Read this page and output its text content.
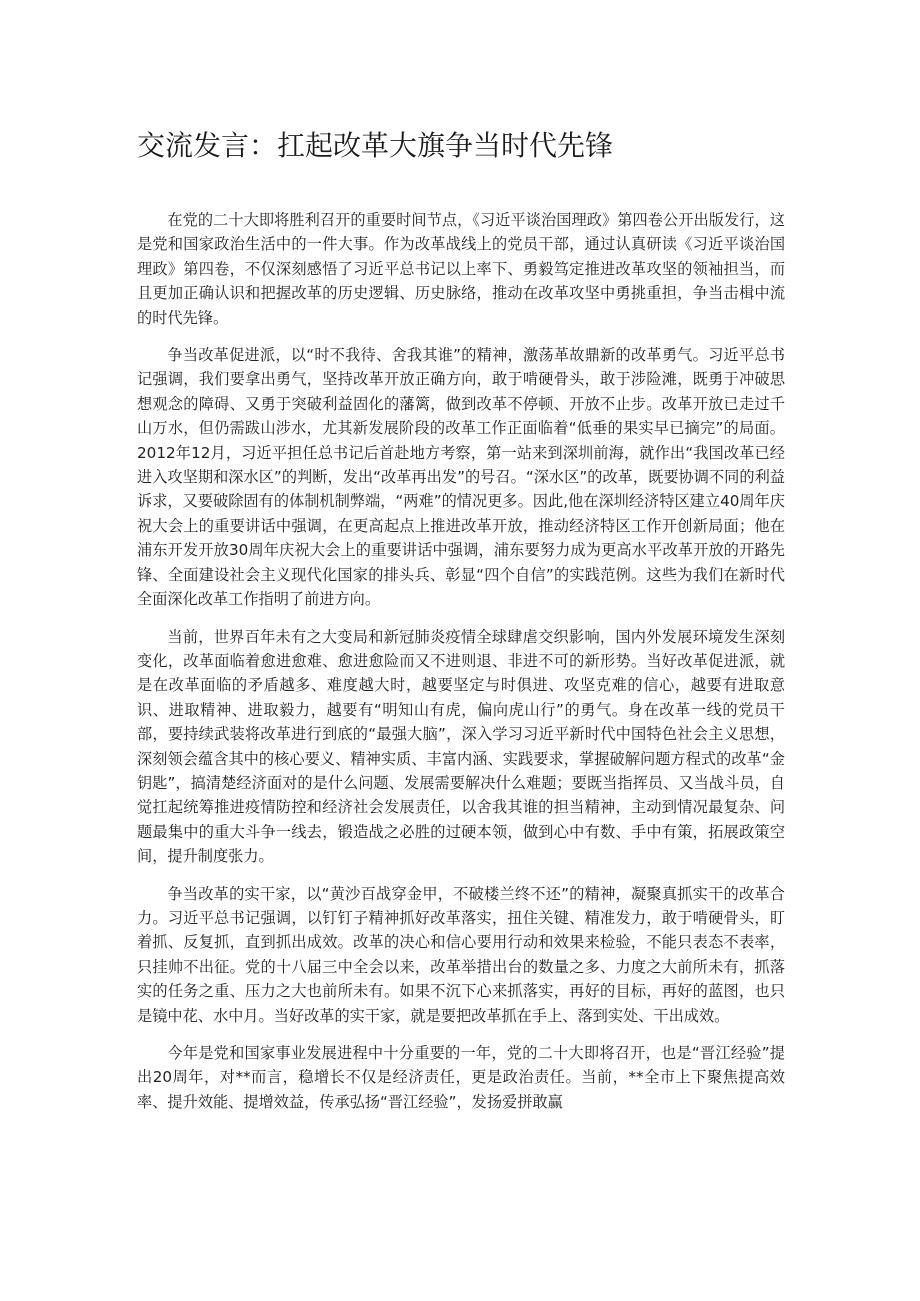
交流发言：扛起改革大旗争当时代先锋

在党的二十大即将胜利召开的重要时间节点，《习近平谈治国理政》第四卷公开出版发行，这是党和国家政治生活中的一件大事。作为改革战线上的党员干部，通过认真研读《习近平谈治国理政》第四卷，不仅深刻感悟了习近平总书记以上率下、勇毅笃定推进改革攻坚的领袖担当，而且更加正确认识和把握改革的历史逻辑、历史脉络，推动在改革攻坚中勇挑重担，争当击楫中流的时代先锋。

争当改革促进派，以“时不我待、舍我其谁”的精神，激荡革故鼎新的改革勇气。习近平总书记强调，我们要拿出勇气，坚持改革开放正确方向，敢于啃硬骨头，敢于涉险滩，既勇于冲破思想观念的障碍、又勇于突破利益固化的藩篱，做到改革不停顿、开放不止步。改革开放已走过千山万水，但仍需跋山涉水，尤其新发展阶段的改革工作正面临着“低垂的果实早已摘完”的局面。2012年12月，习近平担任总书记后首赴地方考察，第一站来到深圳前海，就作出“我国改革已经进入攻坚期和深水区”的判断，发出“改革再出发”的号召。“深水区”的改革，既要协调不同的利益诉求，又要破除固有的体制机制弊端，“两难”的情况更多。因此,他在深圳经济特区建立40周年庆祝大会上的重要讲话中强调，在更高起点上推进改革开放，推动经济特区工作开创新局面；他在浦东开发开放30周年庆祝大会上的重要讲话中强调，浦东要努力成为更高水平改革开放的开路先锋、全面建设社会主义现代化国家的排头兵、彰显“四个自信”的实践范例。这些为我们在新时代全面深化改革工作指明了前进方向。

当前，世界百年未有之大变局和新冠肺炎疫情全球肆虐交织影响，国内外发展环境发生深刻变化，改革面临着愈进愈难、愈进愈险而又不进则退、非进不可的新形势。当好改革促进派，就是在改革面临的矛盾越多、难度越大时，越要坚定与时俱进、攻坚克难的信心，越要有进取意识、进取精神、进取毅力，越要有“明知山有虎，偏向虎山行”的勇气。身在改革一线的党员干部，要持续武装将改革进行到底的“最强大脑”，深入学习习近平新时代中国特色社会主义思想，深刻领会蕴含其中的核心要义、精神实质、丰富内涵、实践要求，掌握破解问题方程式的改革“金钥匙”，搞清楚经济面对的是什么问题、发展需要解决什么难题；要既当指挥员、又当战斗员，自觉扛起统筹推进疫情防控和经济社会发展责任，以舍我其谁的担当精神，主动到情况最复杂、问题最集中的重大斗争一线去，锻造战之必胜的过硬本领，做到心中有数、手中有策，拓展政策空间，提升制度张力。

争当改革的实干家，以“黄沙百战穿金甲，不破楼兰终不还”的精神，凝聚真抓实干的改革合力。习近平总书记强调，以钉钉子精神抓好改革落实，扭住关键、精准发力，敢于啃硬骨头，盯着抓、反复抓，直到抓出成效。改革的决心和信心要用行动和效果来检验，不能只表态不表率，只挂帅不出征。党的十八届三中全会以来，改革举措出台的数量之多、力度之大前所未有，抓落实的任务之重、压力之大也前所未有。如果不沉下心来抓落实，再好的目标，再好的蓝图，也只是镜中花、水中月。当好改革的实干家，就是要把改革抓在手上、落到实处、干出成效。

今年是党和国家事业发展进程中十分重要的一年，党的二十大即将召开，也是“晋江经验”提出20周年，对**而言，稳增长不仅是经济责任，更是政治责任。当前，**全市上下聚焦提高效率、提升效能、提增效益，传承弘扬“晋江经验”，发扬爱拼敢赢
